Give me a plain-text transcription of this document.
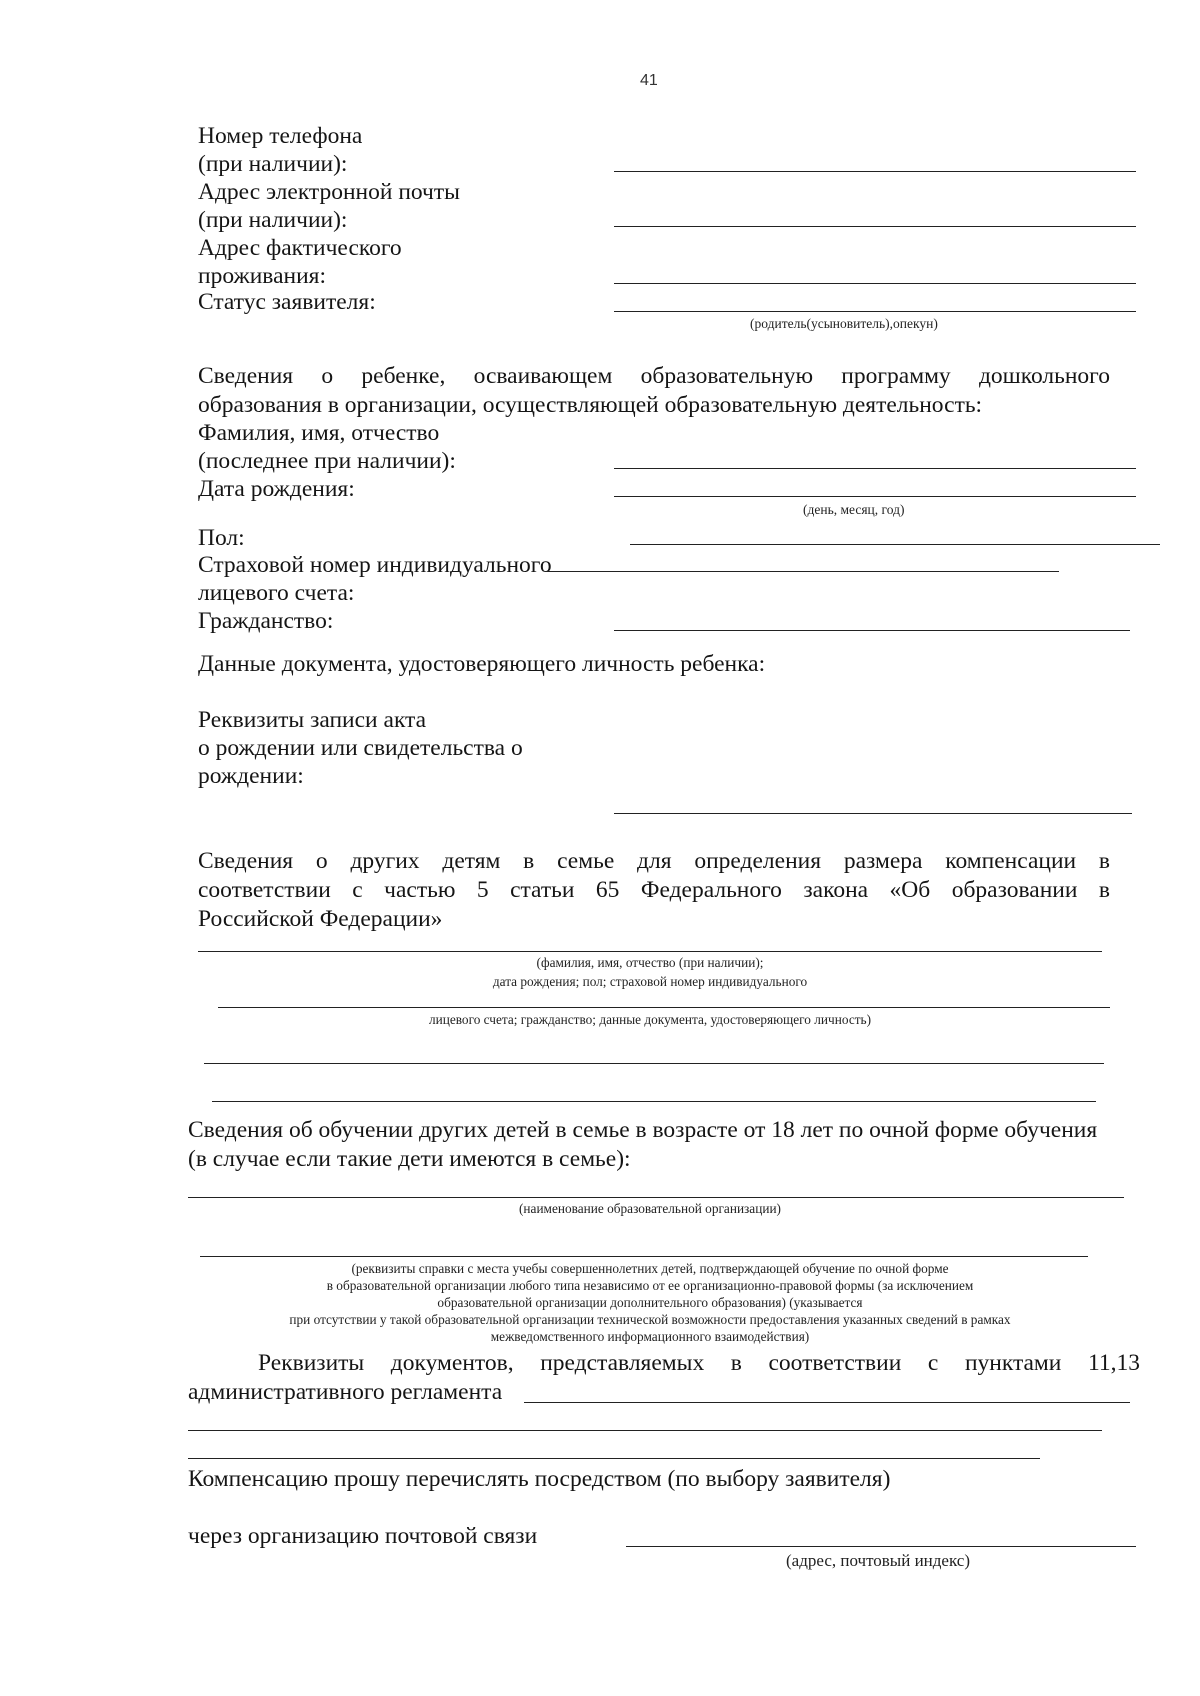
41
Номер телефона
(при наличии):
Адрес электронной почты
(при наличии):
Адрес фактического
проживания:
Статус заявителя:
(родитель(усыновитель),опекун)
Сведения о ребенке, осваивающем образовательную программу дошкольного
образования в организации, осуществляющей образовательную деятельность:
Фамилия, имя, отчество
(последнее при наличии):
Дата рождения:
(день, месяц, год)
Пол:
Страховой номер индивидуального
лицевого счета:
Гражданство:
Данные документа, удостоверяющего личность ребенка:
Реквизиты записи акта
о рождении или свидетельства о
рождении:
Сведения о других детям в семье для определения размера компенсации в
соответствии с частью 5 статьи 65 Федерального закона «Об образовании в
Российской Федерации»
(фамилия, имя, отчество (при наличии);
дата рождения; пол; страховой номер индивидуального
лицевого счета; гражданство; данные документа, удостоверяющего личность)
Сведения об обучении других детей в семье в возрасте от 18 лет по очной форме обучения
(в случае если такие дети имеются в семье):
(наименование образовательной организации)
(реквизиты справки с места учебы совершеннолетних детей, подтверждающей обучение по очной форме
в образовательной организации любого типа независимо от ее организационно-правовой формы (за исключением
образовательной организации дополнительного образования) (указывается
при отсутствии у такой образовательной организации технической возможности предоставления указанных сведений в рамках
межведомственного информационного взаимодействия)
Реквизиты документов, представляемых в соответствии с пунктами 11,13
административного регламента
Компенсацию прошу перечислять посредством (по выбору заявителя)
через организацию почтовой связи
(адрес, почтовый индекс)
